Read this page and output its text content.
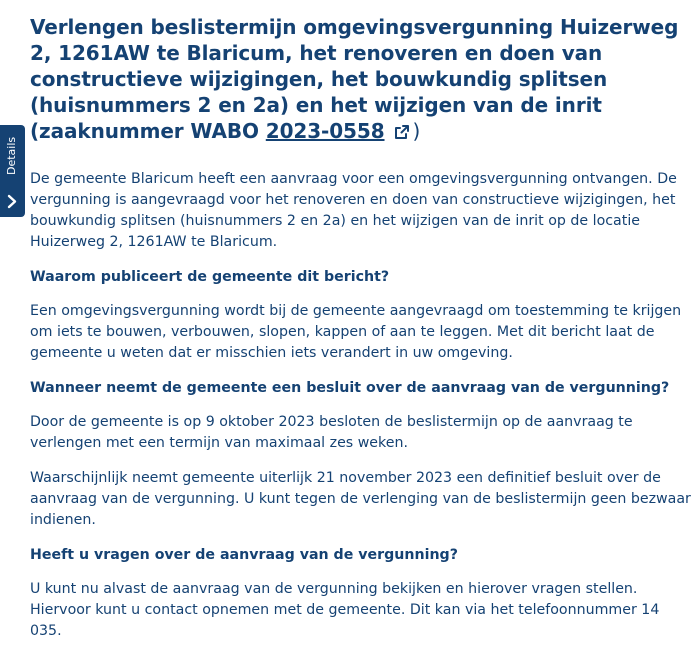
Details
Verlengen beslistermijn omgevingsvergunning Huizerweg 2, 1261AW te Blaricum, het renoveren en doen van constructieve wijzigingen, het bouwkundig splitsen (huisnummers 2 en 2a) en het wijzigen van de inrit (zaaknummer WABO 2023-0558 )

De gemeente Blaricum heeft een aanvraag voor een omgevingsvergunning ontvangen. De vergunning is aangevraagd voor het renoveren en doen van constructieve wijzigingen, het bouwkundig splitsen (huisnummers 2 en 2a) en het wijzigen van de inrit op de locatie Huizerweg 2, 1261AW te Blaricum.

Waarom publiceert de gemeente dit bericht?

Een omgevingsvergunning wordt bij de gemeente aangevraagd om toestemming te krijgen om iets te bouwen, verbouwen, slopen, kappen of aan te leggen. Met dit bericht laat de gemeente u weten dat er misschien iets verandert in uw omgeving.

Wanneer neemt de gemeente een besluit over de aanvraag van de vergunning?

Door de gemeente is op 9 oktober 2023 besloten de beslistermijn op de aanvraag te verlengen met een termijn van maximaal zes weken.

Waarschijnlijk neemt gemeente uiterlijk 21 november 2023 een definitief besluit over de aanvraag van de vergunning. U kunt tegen de verlenging van de beslistermijn geen bezwaar indienen.

Heeft u vragen over de aanvraag van de vergunning?

U kunt nu alvast de aanvraag van de vergunning bekijken en hierover vragen stellen. Hiervoor kunt u contact opnemen met de gemeente. Dit kan via het telefoonnummer 14 035.
